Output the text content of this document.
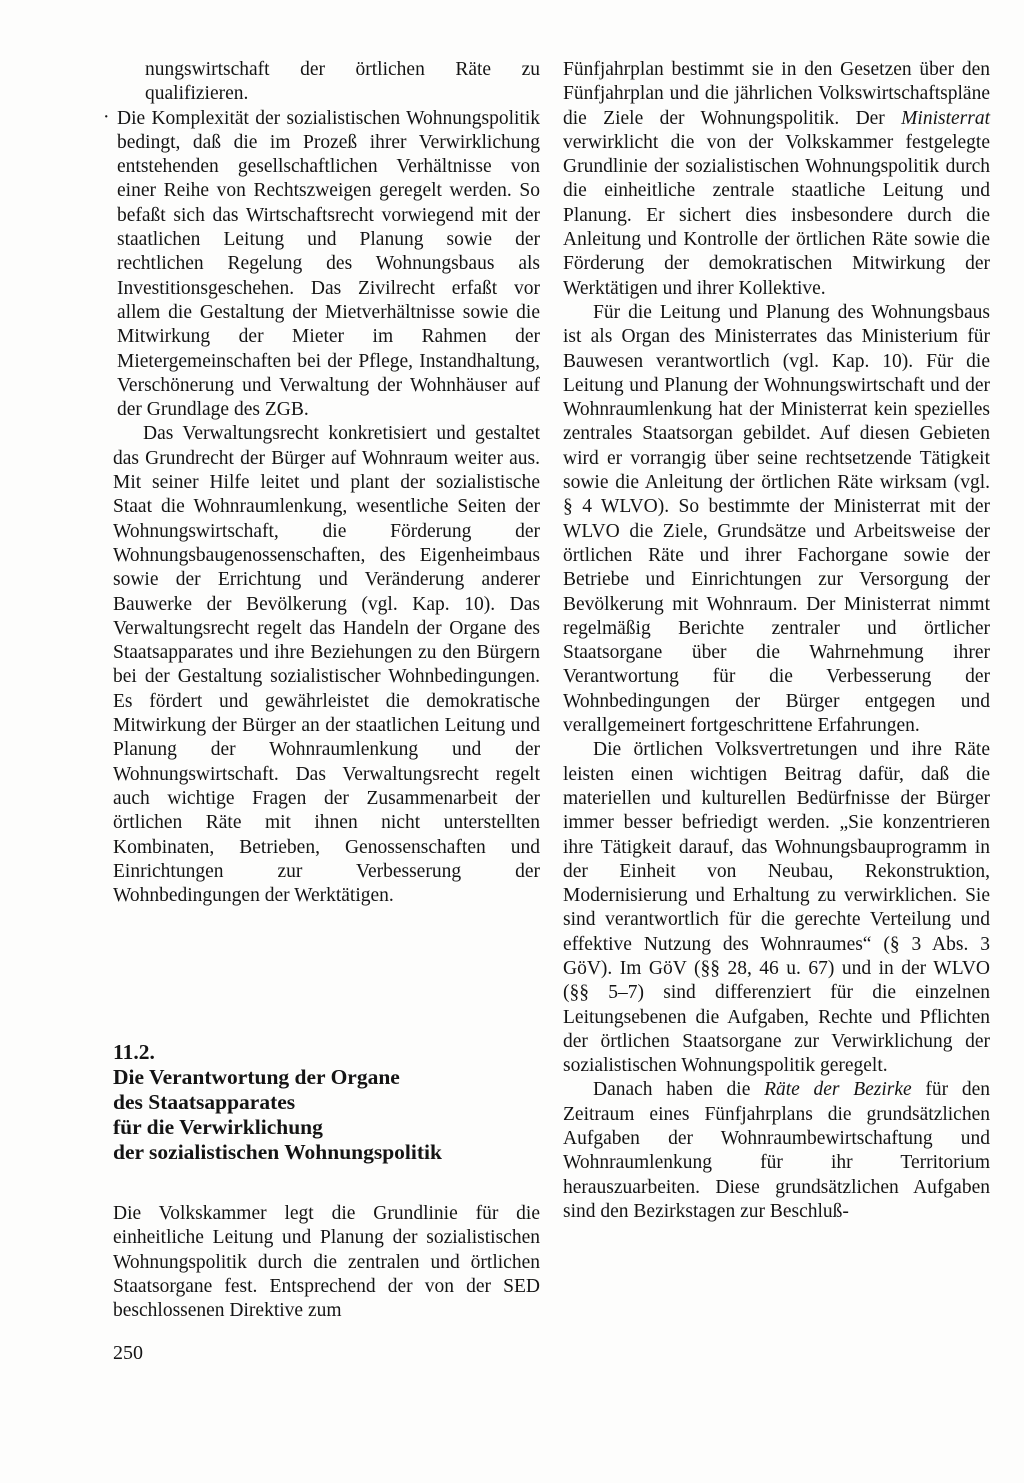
nungswirtschaft der örtlichen Räte zu qualifizieren.

· Die Komplexität der sozialistischen Wohnungspolitik bedingt, daß die im Prozeß ihrer Verwirklichung entstehenden gesellschaftlichen Verhältnisse von einer Reihe von Rechtszweigen geregelt werden. So befaßt sich das Wirtschaftsrecht vorwiegend mit der staatlichen Leitung und Planung sowie der rechtlichen Regelung des Wohnungsbaus als Investitionsgeschehen. Das Zivilrecht erfaßt vor allem die Gestaltung der Mietverhältnisse sowie die Mitwirkung der Mieter im Rahmen der Mietergemeinschaften bei der Pflege, Instandhaltung, Verschönerung und Verwaltung der Wohnhäuser auf der Grundlage des ZGB.

Das Verwaltungsrecht konkretisiert und gestaltet das Grundrecht der Bürger auf Wohnraum weiter aus. Mit seiner Hilfe leitet und plant der sozialistische Staat die Wohnraumlenkung, wesentliche Seiten der Wohnungswirtschaft, die Förderung der Wohnungsbaugenossenschaften, des Eigenheimbaus sowie der Errichtung und Veränderung anderer Bauwerke der Bevölkerung (vgl. Kap. 10). Das Verwaltungsrecht regelt das Handeln der Organe des Staatsapparates und ihre Beziehungen zu den Bürgern bei der Gestaltung sozialistischer Wohnbedingungen. Es fördert und gewährleistet die demokratische Mitwirkung der Bürger an der staatlichen Leitung und Planung der Wohnraumlenkung und der Wohnungswirtschaft. Das Verwaltungsrecht regelt auch wichtige Fragen der Zusammenarbeit der örtlichen Räte mit ihnen nicht unterstellten Kombinaten, Betrieben, Genossenschaften und Einrichtungen zur Verbesserung der Wohnbedingungen der Werktätigen.

11.2.
Die Verantwortung der Organe
des Staatsapparates
für die Verwirklichung
der sozialistischen Wohnungspolitik

Die Volkskammer legt die Grundlinie für die einheitliche Leitung und Planung der sozialistischen Wohnungspolitik durch die zentralen und örtlichen Staatsorgane fest. Entsprechend der von der SED beschlossenen Direktive zum

Fünfjahrplan bestimmt sie in den Gesetzen über den Fünfjahrplan und die jährlichen Volkswirtschaftspläne die Ziele der Wohnungspolitik. Der Ministerrat verwirklicht die von der Volkskammer festgelegte Grundlinie der sozialistischen Wohnungspolitik durch die einheitliche zentrale staatliche Leitung und Planung. Er sichert dies insbesondere durch die Anleitung und Kontrolle der örtlichen Räte sowie die Förderung der demokratischen Mitwirkung der Werktätigen und ihrer Kollektive.

Für die Leitung und Planung des Wohnungsbaus ist als Organ des Ministerrates das Ministerium für Bauwesen verantwortlich (vgl. Kap. 10). Für die Leitung und Planung der Wohnungswirtschaft und der Wohnraumlenkung hat der Ministerrat kein spezielles zentrales Staatsorgan gebildet. Auf diesen Gebieten wird er vorrangig über seine rechtsetzende Tätigkeit sowie die Anleitung der örtlichen Räte wirksam (vgl. § 4 WLVO). So bestimmte der Ministerrat mit der WLVO die Ziele, Grundsätze und Arbeitsweise der örtlichen Räte und ihrer Fachorgane sowie der Betriebe und Einrichtungen zur Versorgung der Bevölkerung mit Wohnraum. Der Ministerrat nimmt regelmäßig Berichte zentraler und örtlicher Staatsorgane über die Wahrnehmung ihrer Verantwortung für die Verbesserung der Wohnbedingungen der Bürger entgegen und verallgemeinert fortgeschrittene Erfahrungen.

Die örtlichen Volksvertretungen und ihre Räte leisten einen wichtigen Beitrag dafür, daß die materiellen und kulturellen Bedürfnisse der Bürger immer besser befriedigt werden. „Sie konzentrieren ihre Tätigkeit darauf, das Wohnungsbauprogramm in der Einheit von Neubau, Rekonstruktion, Modernisierung und Erhaltung zu verwirklichen. Sie sind verantwortlich für die gerechte Verteilung und effektive Nutzung des Wohnraumes“ (§ 3 Abs. 3 GöV). Im GöV (§§ 28, 46 u. 67) und in der WLVO (§§ 5–7) sind differenziert für die einzelnen Leitungsebenen die Aufgaben, Rechte und Pflichten der örtlichen Staatsorgane zur Verwirklichung der sozialistischen Wohnungspolitik geregelt.

Danach haben die Räte der Bezirke für den Zeitraum eines Fünfjahrplans die grundsätzlichen Aufgaben der Wohnraumbewirtschaftung und Wohnraumlenkung für ihr Territorium herauszuarbeiten. Diese grundsätzlichen Aufgaben sind den Bezirkstagen zur Beschluß-

250
